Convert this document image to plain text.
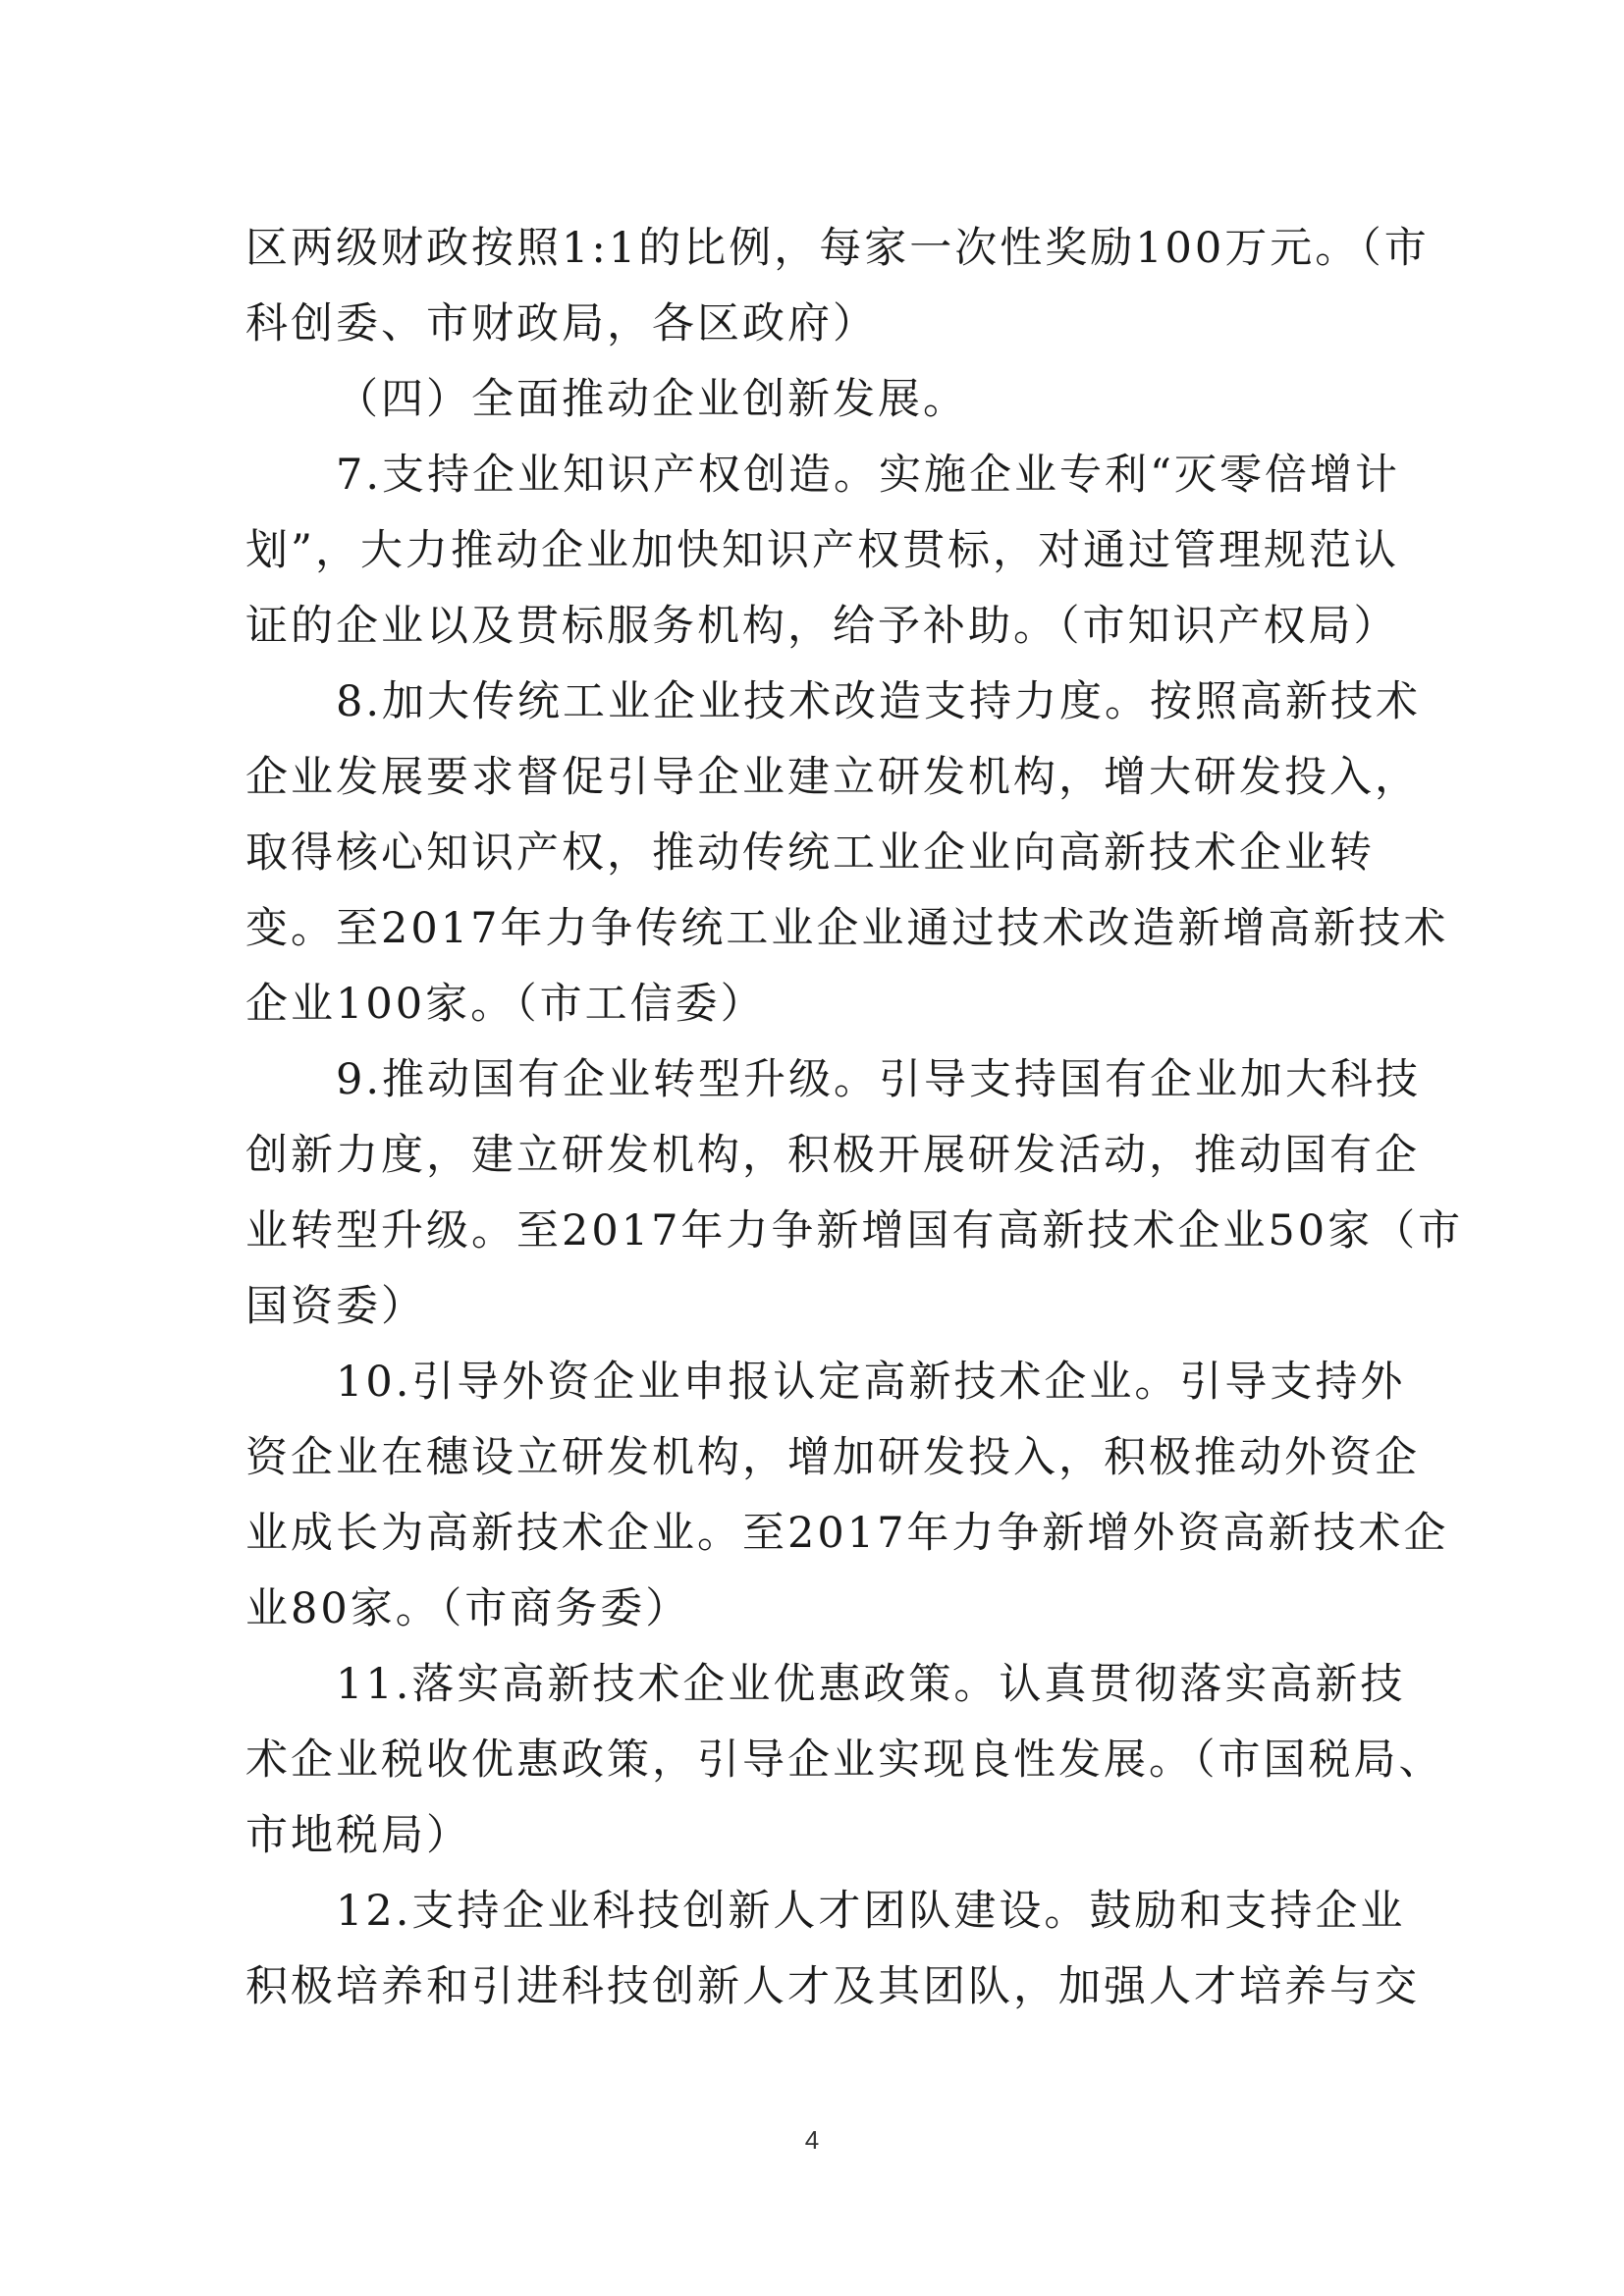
区两级财政按照1:1的比例，每家一次性奖励100万元。（市
科创委、市财政局，各区政府）
（四）全面推动企业创新发展。
7.支持企业知识产权创造。实施企业专利“灭零倍增计
划”，大力推动企业加快知识产权贯标，对通过管理规范认
证的企业以及贯标服务机构，给予补助。（市知识产权局）
8.加大传统工业企业技术改造支持力度。按照高新技术
企业发展要求督促引导企业建立研发机构，增大研发投入，
取得核心知识产权，推动传统工业企业向高新技术企业转
变。至2017年力争传统工业企业通过技术改造新增高新技术
企业100家。（市工信委）
9.推动国有企业转型升级。引导支持国有企业加大科技
创新力度，建立研发机构，积极开展研发活动，推动国有企
业转型升级。至2017年力争新增国有高新技术企业50家（市
国资委）
10.引导外资企业申报认定高新技术企业。引导支持外
资企业在穗设立研发机构，增加研发投入，积极推动外资企
业成长为高新技术企业。至2017年力争新增外资高新技术企
业80家。（市商务委）
11.落实高新技术企业优惠政策。认真贯彻落实高新技
术企业税收优惠政策，引导企业实现良性发展。（市国税局、
市地税局）
12.支持企业科技创新人才团队建设。鼓励和支持企业
积极培养和引进科技创新人才及其团队，加强人才培养与交
4
